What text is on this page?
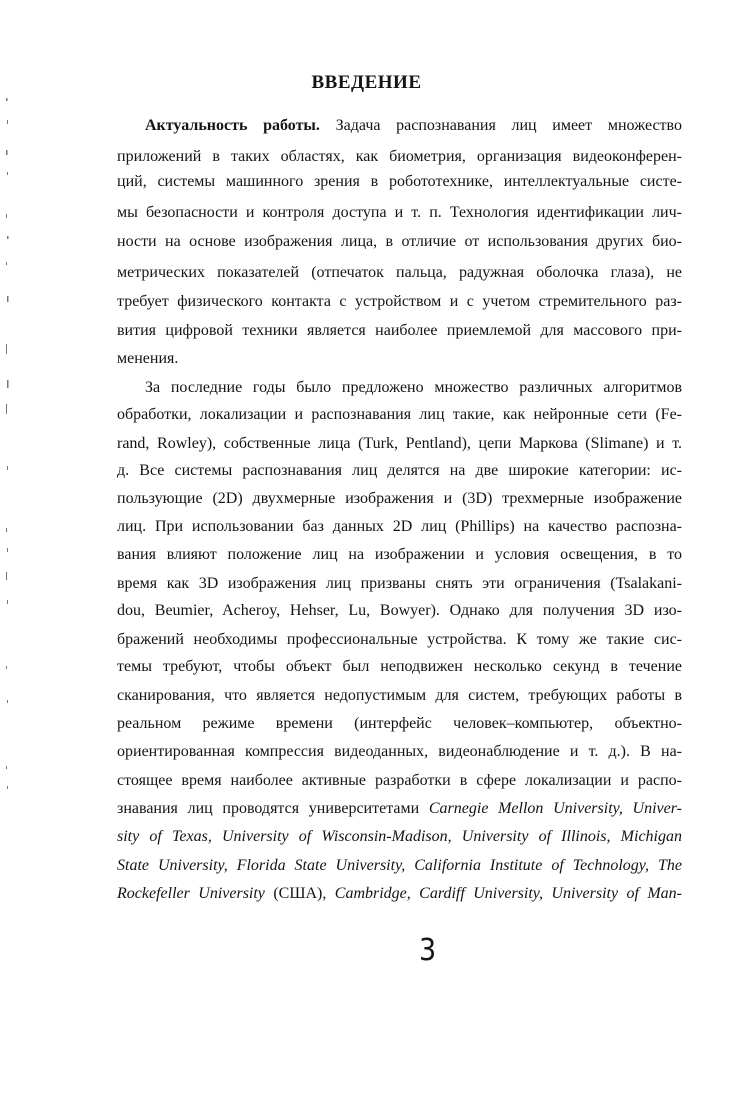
ВВЕДЕНИЕ
Актуальность работы. Задача распознавания лиц имеет множество
приложений в таких областях, как биометрия, организация видеоконферен-
ций, системы машинного зрения в робототехнике, интеллектуальные систе-
мы безопасности и контроля доступа и т. п. Технология идентификации лич-
ности на основе изображения лица, в отличие от использования других био-
метрических показателей (отпечаток пальца, радужная оболочка глаза), не
требует физического контакта с устройством и с учетом стремительного раз-
вития цифровой техники является наиболее приемлемой для массового при-
менения.
За последние годы было предложено множество различных алгоритмов
обработки, локализации и распознавания лиц такие, как нейронные сети (Fe-
rand, Rowley), собственные лица (Turk, Pentland), цепи Маркова (Slimane) и т.
д. Все системы распознавания лиц делятся на две широкие категории: ис-
пользующие (2D) двухмерные изображения и (3D) трехмерные изображение
лиц. При использовании баз данных 2D лиц (Phillips) на качество распозна-
вания влияют положение лиц на изображении и условия освещения, в то
время как 3D изображения лиц призваны снять эти ограничения (Tsalakani-
dou, Beumier, Acheroy, Hehser, Lu, Bowyer). Однако для получения 3D изо-
бражений необходимы профессиональные устройства. К тому же такие сис-
темы требуют, чтобы объект был неподвижен несколько секунд в течение
сканирования, что является недопустимым для систем, требующих работы в
реальном режиме времени (интерфейс человек–компьютер, объектно-
ориентированная компрессия видеоданных, видеонаблюдение и т. д.). В на-
стоящее время наиболее активные разработки в сфере локализации и распо-
знавания лиц проводятся университетами Carnegie Mellon University, Univer-
sity of Texas, University of Wisconsin-Madison, University of Illinois, Michigan
State University, Florida State University, California Institute of Technology, The
Rockefeller University (США), Cambridge, Cardiff University, University of Man-
3
